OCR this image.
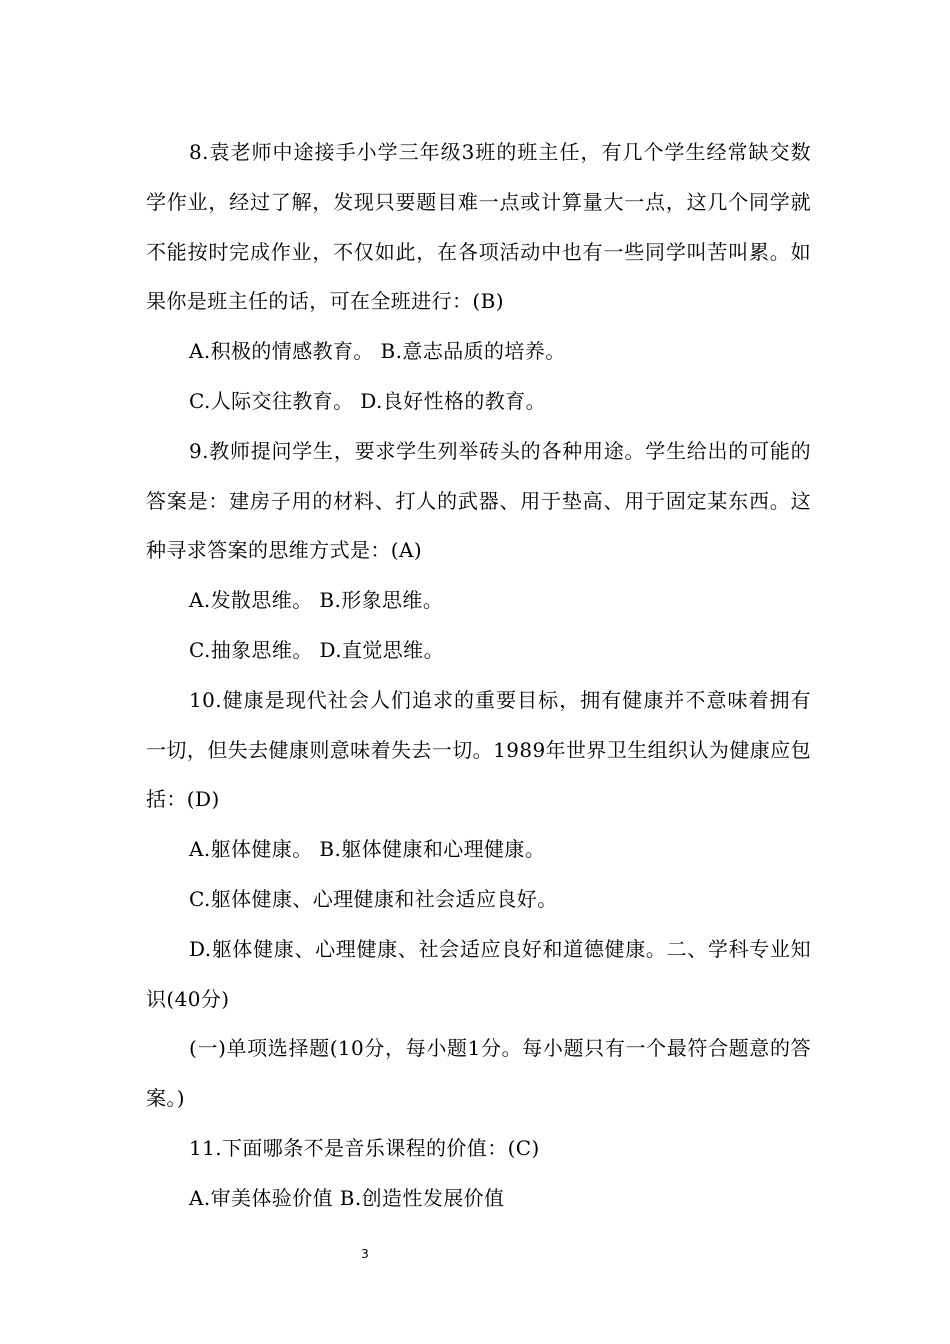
8.袁老师中途接手小学三年级3班的班主任，有几个学生经常缺交数学作业，经过了解，发现只要题目难一点或计算量大一点，这几个同学就不能按时完成作业，不仅如此，在各项活动中也有一些同学叫苦叫累。如果你是班主任的话，可在全班进行：(B)

A.积极的情感教育。 B.意志品质的培养。

C.人际交往教育。 D.良好性格的教育。

9.教师提问学生，要求学生列举砖头的各种用途。学生给出的可能的答案是：建房子用的材料、打人的武器、用于垫高、用于固定某东西。这种寻求答案的思维方式是：(A)

A.发散思维。 B.形象思维。

C.抽象思维。 D.直觉思维。

10.健康是现代社会人们追求的重要目标，拥有健康并不意味着拥有一切，但失去健康则意味着失去一切。1989年世界卫生组织认为健康应包括：(D)

A.躯体健康。 B.躯体健康和心理健康。

C.躯体健康、心理健康和社会适应良好。

D.躯体健康、心理健康、社会适应良好和道德健康。二、学科专业知识(40分)

(一)单项选择题(10分，每小题1分。每小题只有一个最符合题意的答案。)

11.下面哪条不是音乐课程的价值：(C)

A.审美体验价值 B.创造性发展价值

3
